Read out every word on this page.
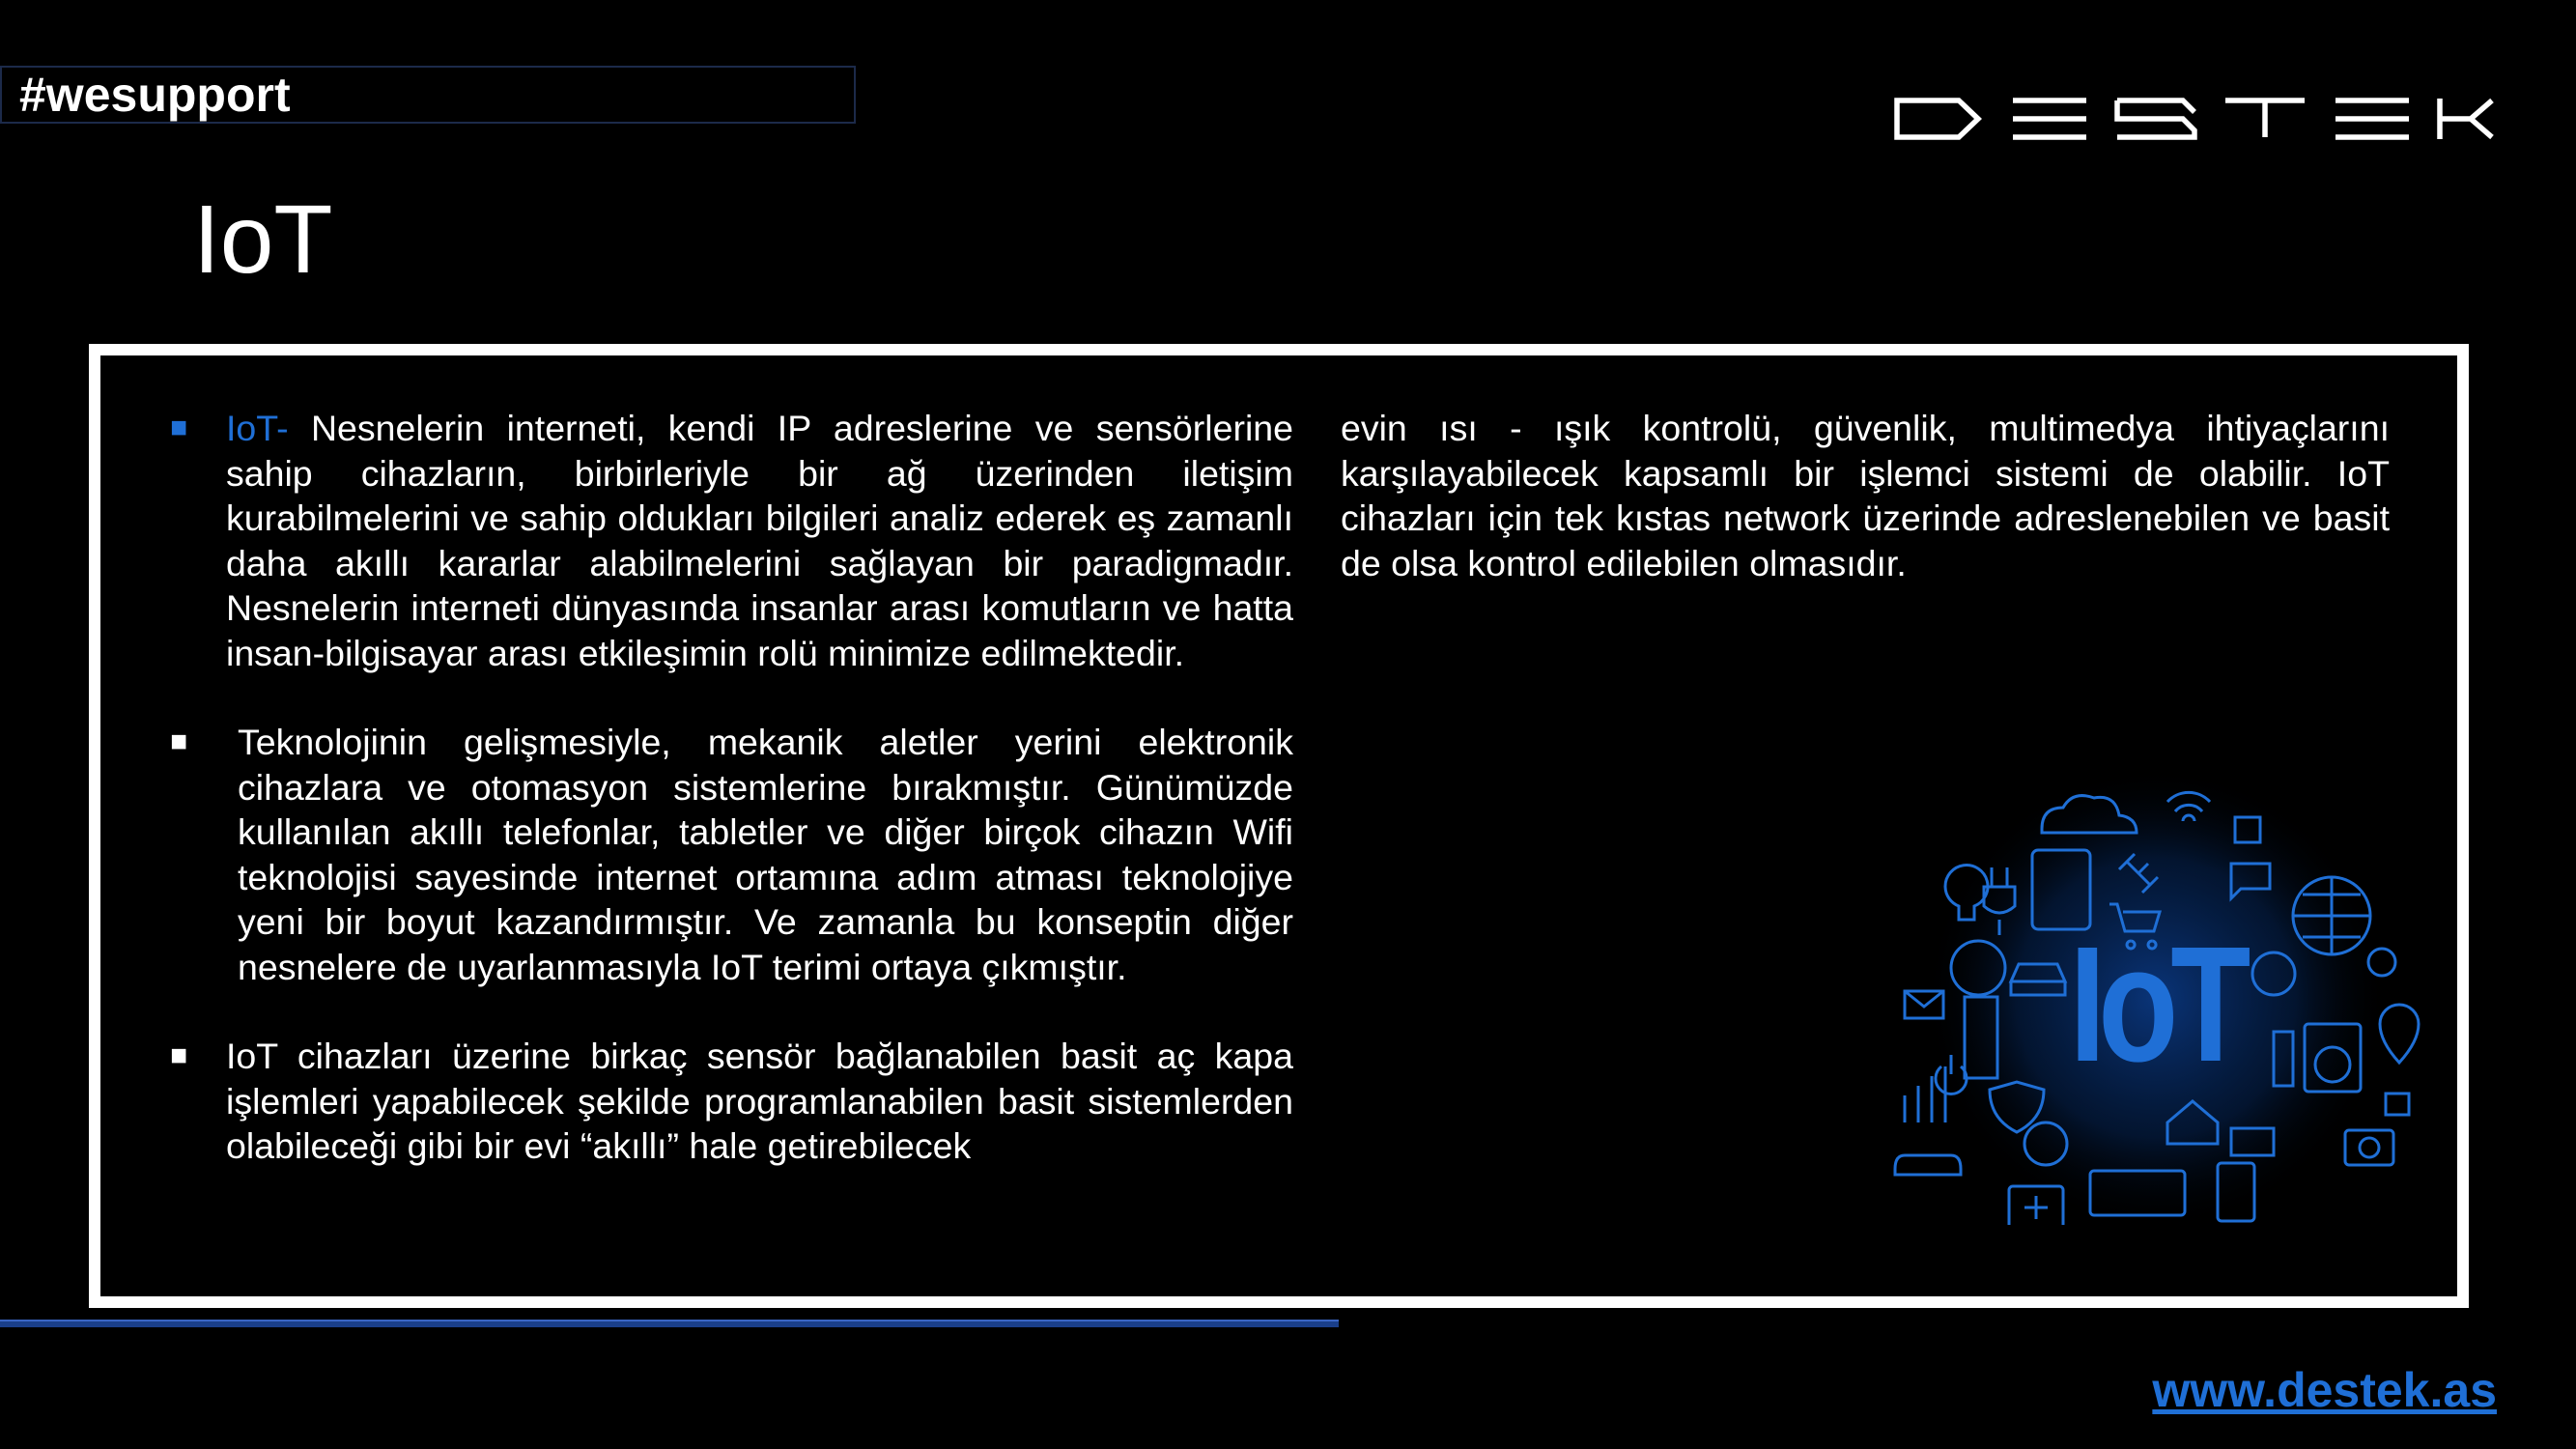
#wesupport
IoT
■ IoT- Nesnelerin interneti, kendi IP adreslerine ve sensörlerine sahip cihazların, birbirleriyle bir ağ üzerinden iletişim kurabilmelerini ve sahip oldukları bilgileri analiz ederek eş zamanlı daha akıllı kararlar alabilmelerini sağlayan bir paradigmadır. Nesnelerin interneti dünyasında insanlar arası komutların ve hatta insan-bilgisayar arası etkileşimin rolü minimize edilmektedir.
■	Teknolojinin gelişmesiyle, mekanik aletler yerini elektronik cihazlara ve otomasyon sistemlerine bırakmıştır. Günümüzde kullanılan akıllı telefonlar, tabletler ve diğer birçok cihazın Wifi teknolojisi sayesinde internet ortamına adım atması teknolojiye yeni bir boyut kazandırmıştır. Ve zamanla bu konseptin diğer nesnelere de uyarlanmasıyla IoT terimi ortaya çıkmıştır.
■ IoT cihazları üzerine birkaç sensör bağlanabilen basit aç kapa işlemleri yapabilecek şekilde programlanabilen basit sistemlerden olabileceği gibi bir evi “akıllı” hale getirebilecek
evin ısı - ışık kontrolü, güvenlik, multimedya ihtiyaçlarını karşılayabilecek kapsamlı bir işlemci sistemi de olabilir. IoT cihazları için tek kıstas network üzerinde adreslenebilen ve basit de olsa kontrol edilebilen olmasıdır.
IoT
www.destek.as
